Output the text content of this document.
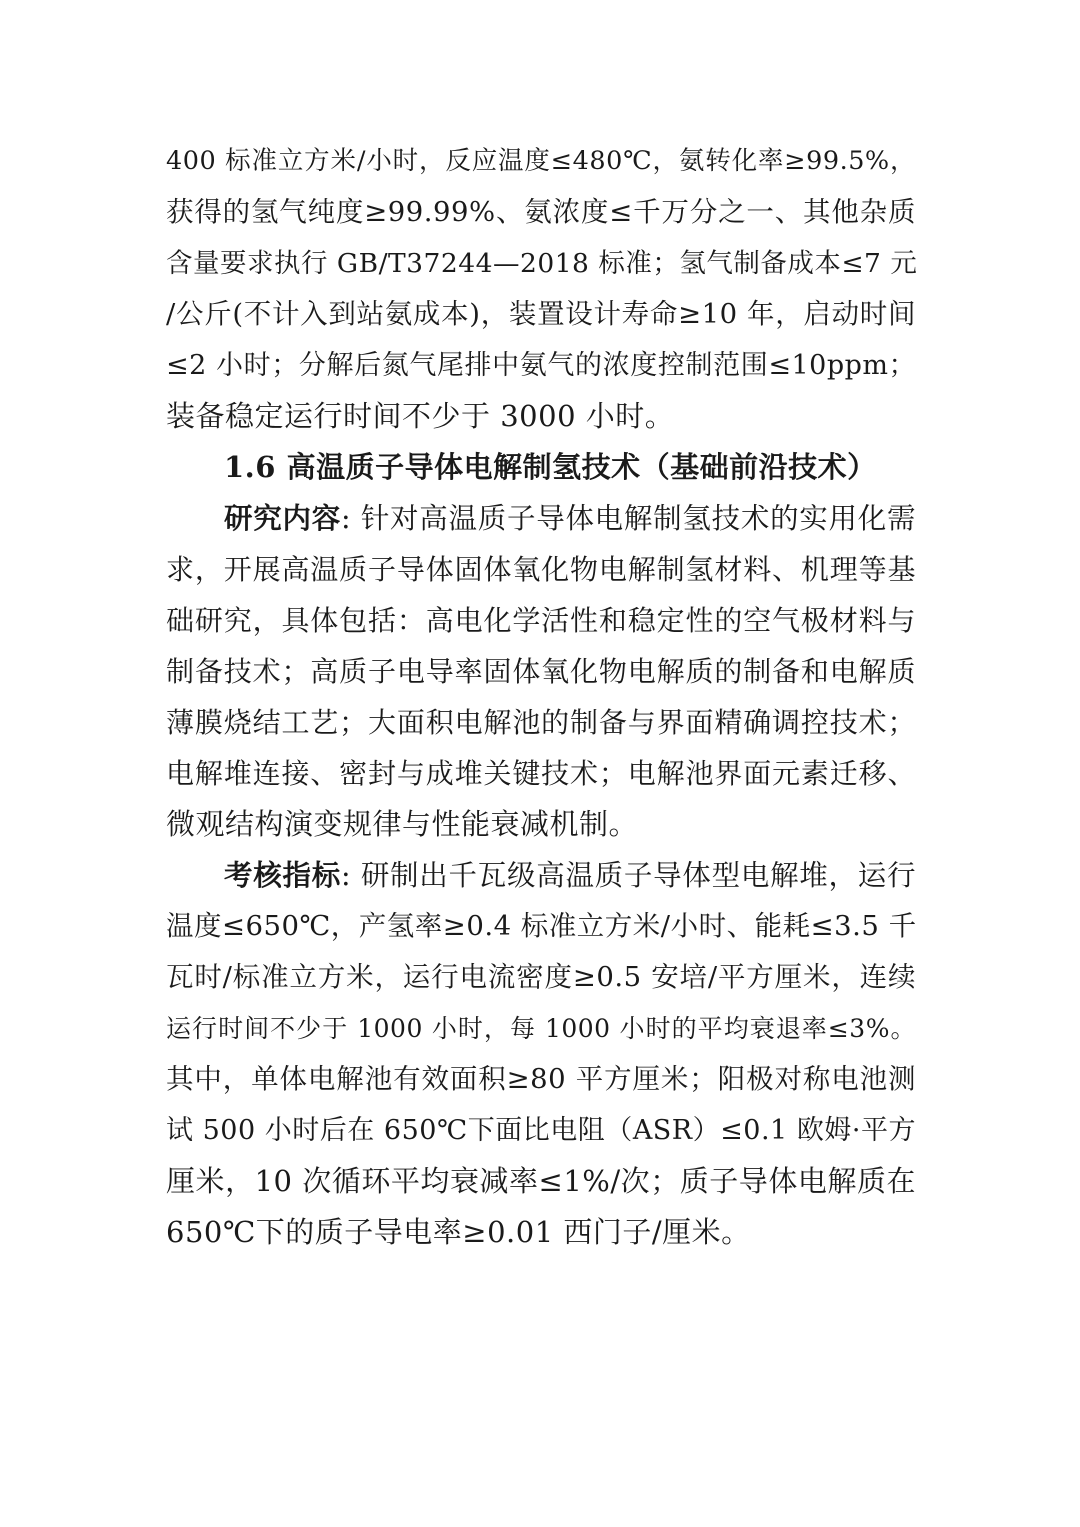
400 标准立方米/小时，反应温度≤480℃，氨转化率≥99.5%，
获得的氢气纯度≥99.99%、氨浓度≤千万分之一、其他杂质
含量要求执行 GB/T37244—2018 标准；氢气制备成本≤7 元
/公斤(不计入到站氨成本)，装置设计寿命≥10 年，启动时间
≤2 小时；分解后氮气尾排中氨气的浓度控制范围≤10ppm；
装备稳定运行时间不少于 3000 小时。
1.6 高温质子导体电解制氢技术（基础前沿技术）
研究内容: 针对高温质子导体电解制氢技术的实用化需
求，开展高温质子导体固体氧化物电解制氢材料、机理等基
础研究，具体包括：高电化学活性和稳定性的空气极材料与
制备技术；高质子电导率固体氧化物电解质的制备和电解质
薄膜烧结工艺；大面积电解池的制备与界面精确调控技术；
电解堆连接、密封与成堆关键技术；电解池界面元素迁移、
微观结构演变规律与性能衰减机制。
考核指标: 研制出千瓦级高温质子导体型电解堆，运行
温度≤650℃，产氢率≥0.4 标准立方米/小时、能耗≤3.5 千
瓦时/标准立方米，运行电流密度≥0.5 安培/平方厘米，连续
运行时间不少于 1000 小时，每 1000 小时的平均衰退率≤3%。
其中，单体电解池有效面积≥80 平方厘米；阳极对称电池测
试 500 小时后在 650℃下面比电阻（ASR）≤0.1 欧姆·平方
厘米，10 次循环平均衰减率≤1%/次；质子导体电解质在
650℃下的质子导电率≥0.01 西门子/厘米。
